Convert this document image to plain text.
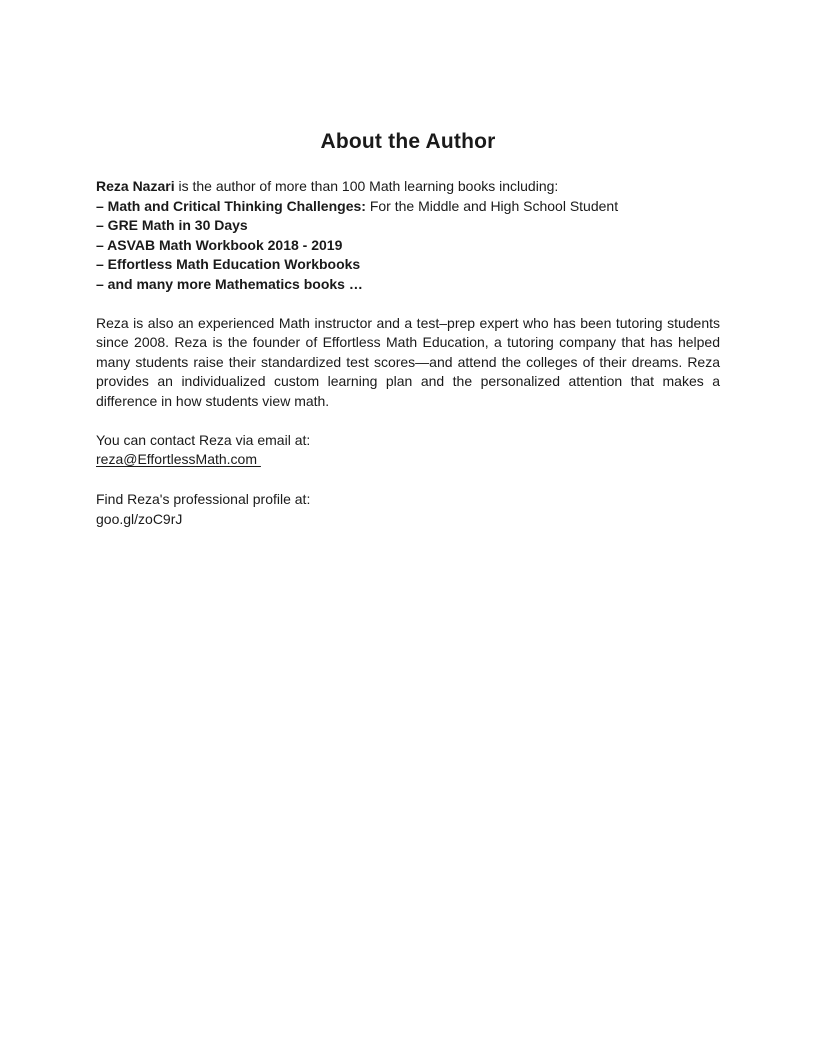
About the Author
Reza Nazari is the author of more than 100 Math learning books including:
– Math and Critical Thinking Challenges: For the Middle and High School Student
– GRE Math in 30 Days
– ASVAB Math Workbook 2018 - 2019
– Effortless Math Education Workbooks
– and many more Mathematics books …

Reza is also an experienced Math instructor and a test–prep expert who has been tutoring students since 2008. Reza is the founder of Effortless Math Education, a tutoring company that has helped many students raise their standardized test scores—and attend the colleges of their dreams. Reza provides an individualized custom learning plan and the personalized attention that makes a difference in how students view math.

You can contact Reza via email at:
reza@EffortlessMath.com
Find Reza's professional profile at:
goo.gl/zoC9rJ
